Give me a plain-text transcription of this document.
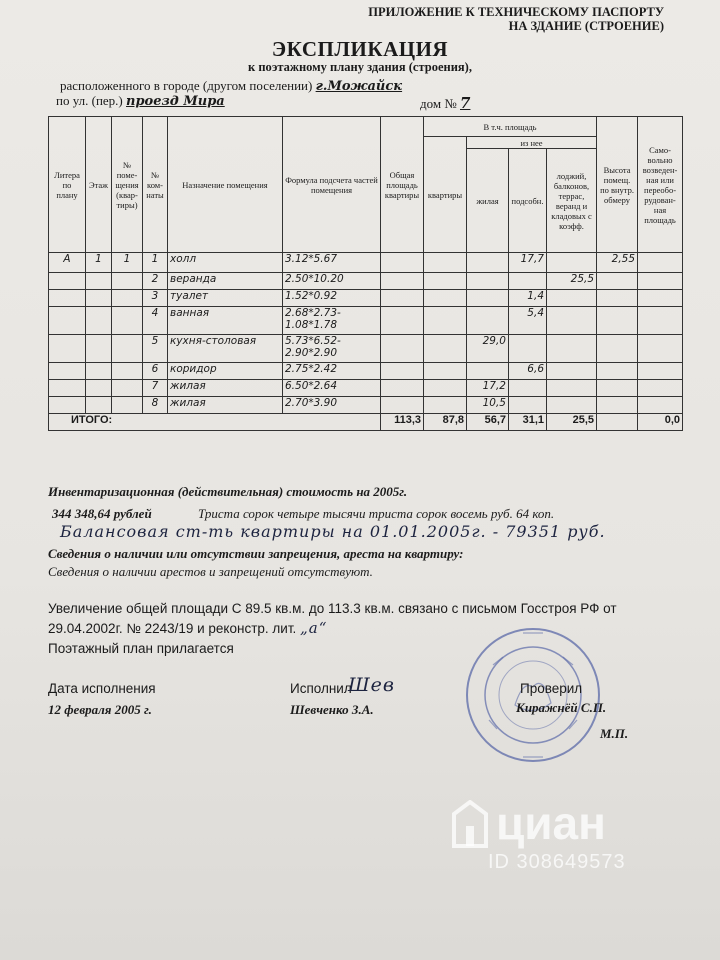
ПРИЛОЖЕНИЕ К ТЕХНИЧЕСКОМУ ПАСПОРТУ
НА ЗДАНИЕ (СТРОЕНИЕ)
ЭКСПЛИКАЦИЯ
к поэтажному плану здания (строения),
расположенного в городе (другом поселении) г.Можайск
по ул. (пер.) проезд Мира	дом № 7
Литера по плану	Этаж	№ поме-щения (квар-тиры)	№ ком-наты	Назначение помещения	Формула подсчета частей помещения	Общая площадь квартиры	В т.ч. площадь				Высота помещ. по внутр. обмеру	Само-вольно возведен-ная или переобо-рудован-ная площадь
							квартиры	из нее				
								жилая	подсобн.	лоджий, балконов, террас, веранд и кладовых с коэфф.		
А	1	1	1	холл	3.12*5.67				17,7		2,55	
			2	веранда	2.50*10.20					25,5		
			3	туалет	1.52*0.92				1,4			
			4	ванная	2.68*2.73-1.08*1.78				5,4			
			5	кухня-столовая	5.73*6.52-2.90*2.90			29,0				
			6	коридор	2.75*2.42				6,6			
			7	жилая	6.50*2.64			17,2				
			8	жилая	2.70*3.90			10,5				
ИТОГО:						113,3	87,8	56,7	31,1	25,5		0,0
Инвентаризационная (действительная) стоимость на 2005г.
344 348,64 рублей	Триста сорок четыре тысячи триста сорок восемь руб. 64 коп.
Балансовая ст-ть квартиры на 01.01.2005г. - 79351 руб.
Сведения о наличии или отсутствии запрещения, ареста на квартиру:
Сведения о наличии арестов и запрещений отсутствуют.
Увеличение общей площади С 89.5 кв.м. до 113.3 кв.м. связано с письмом Госстроя РФ от
29.04.2002г. № 2243/19 и реконстр. лит. „а“
Поэтажный план прилагается
Дата исполнения
12 февраля 2005 г.
Исполнил
Шев
Шевченко З.А.
Проверил
Киражнёй С.П.
М.П.
циан
ID 308649573
